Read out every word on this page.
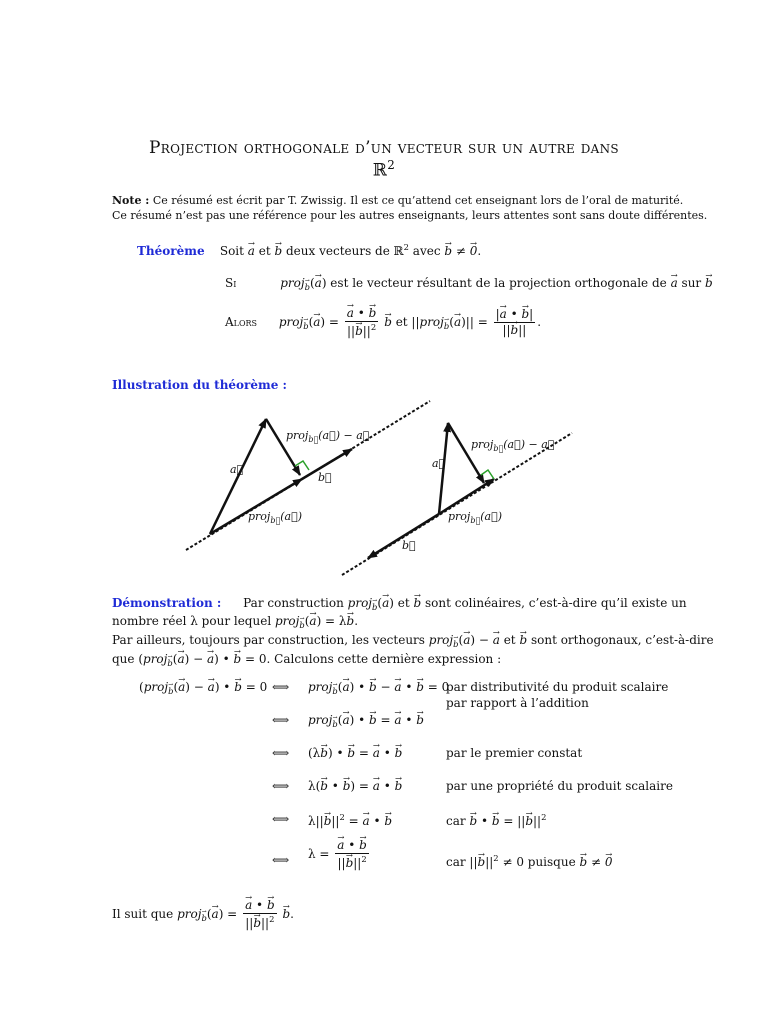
Projection orthogonale d’un vecteur sur un autre dans
ℝ$^2$
Note : Ce résumé est écrit par T. Zwissig. Il est ce qu’attend cet enseignant lors de l’oral de maturité.
Ce résumé n’est pas une référence pour les autres enseignants, leurs attentes sont sans doute différentes.
Théorème    Soit → a et → b deux vecteurs de ℝ$^2$ avec → b ≠ → 0.
Si	proj→ $_b$(→ a) est le vecteur résultant de la projection orthogonale de → a sur → b
Alors proj→ $_b$(→ a) =
→ $\frac{a • \to b}{||\to b||^2}$
→ b et ||proj→ $_b(\to a)|| = \frac{|\to a • \to b|}{||\to b||}$ .
Illustration du théorème :
a⃗
proj$_{b⃗}$(a⃗) − a⃗
b⃗
proj$_{b⃗}$(a⃗)
a⃗
proj$_{b⃗}$(a⃗) − a⃗
proj$_{b⃗}$(a⃗)
b⃗
Démonstration : Par construction proj→ $_b$(→ a) et → b sont colinéaires, c’est-à-dire qu’il existe un
nombre réel λ pour lequel proj→ $_b$(→ a) = λ→ b.
Par ailleurs, toujours par construction, les vecteurs proj→ $_b$(→ a) − → a et → b sont orthogonaux, c’est-à-dire
que (proj→ $_b$(→ a) − → a) • → b = 0. Calculons cette dernière expression :
(proj→ $_b$(→ a) − → a) • → b = 0 ⟺ proj→ $_b$(→ a) • → b − → a • → b = 0
par distributivité du produit scalaire
par rapport à l’addition
⟺ proj→ $_b$(→ a) • → b = → a • → b
⟺ (λ→ b) • → b = → a • → b	par le premier constat
⟺ λ(→ b • → b) = → a • → b	par une propriété du produit scalaire
⟺ $\lambda||\to b||^2$ = → a • → b	car → b • → b = ||→ $b||^2$
⟺ λ =
→ $\frac{a • \to b}{||\to b||^2}$	car ||→ $b||^2 \ne 0$ puisque → b ≠ → 0
Il suit que proj→ $_b$(→ a) =
→ $\frac{a • \to b}{||\to b||^2}$
→ b.
